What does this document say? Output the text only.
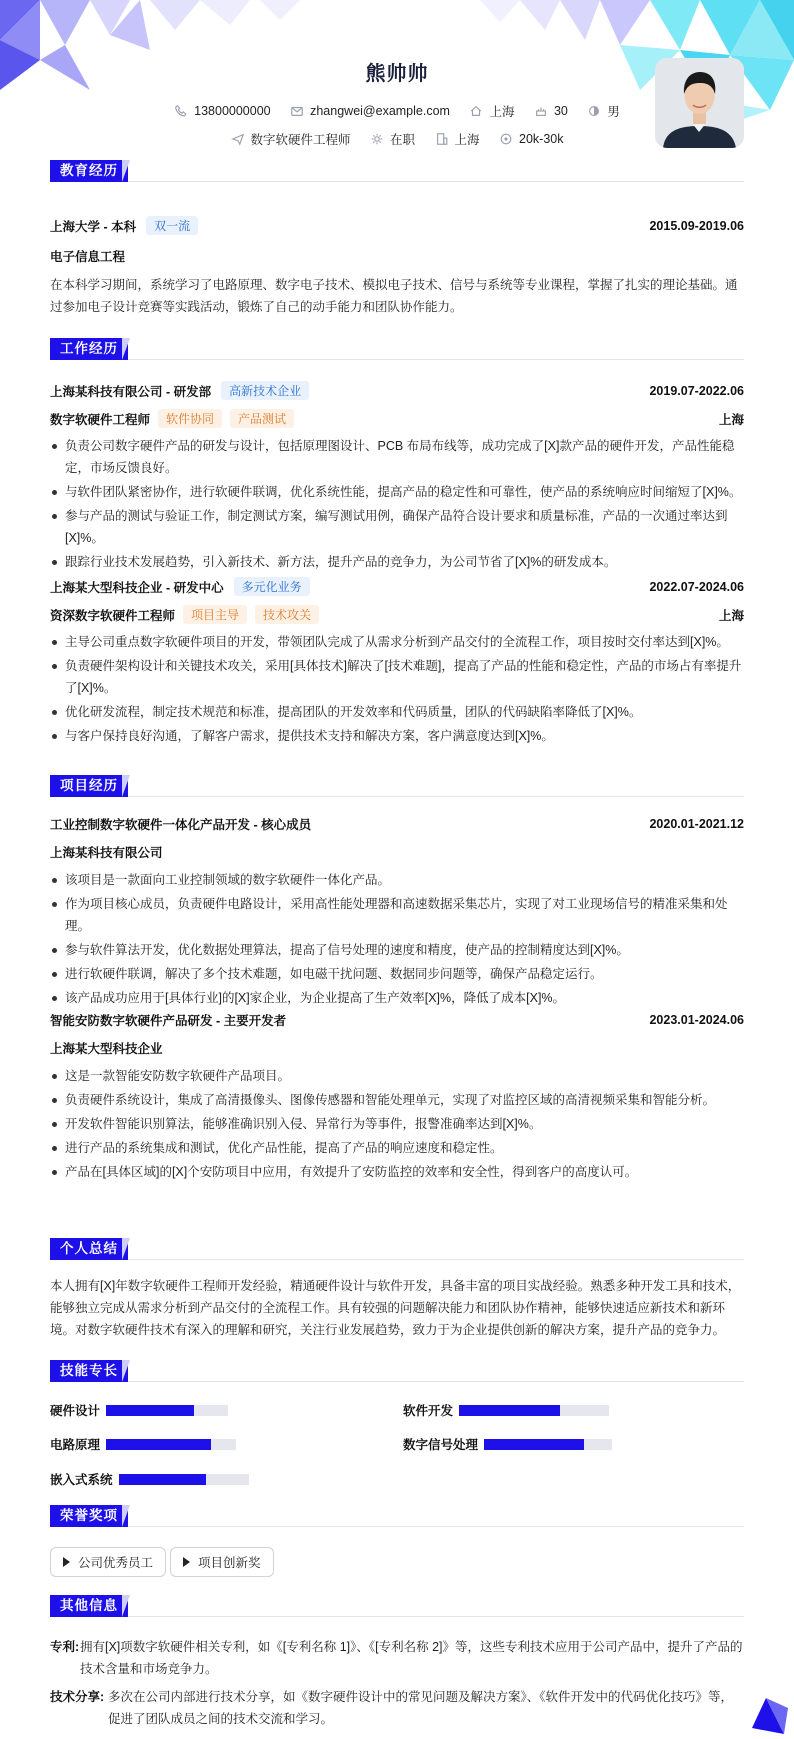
熊帅帅
13800000000
	zhangwei@example.com
	上海
	30
	男
数字软硬件工程师
	在职
	上海
	20k-30k
教育经历
上海大学 - 本科	双一流	2015.09-2019.06
电子信息工程
在本科学习期间，系统学习了电路原理、数字电子技术、模拟电子技术、信号与系统等专业课程，掌握了扎实的理论基础。通过参加电子设计竞赛等实践活动，锻炼了自己的动手能力和团队协作能力。
工作经历
上海某科技有限公司 - 研发部	高新技术企业	2019.07-2022.06
数字软硬件工程师	软件协同	产品测试	上海
负责公司数字硬件产品的研发与设计，包括原理图设计、PCB 布局布线等，成功完成了[X]款产品的硬件开发，产品性能稳定，市场反馈良好。
与软件团队紧密协作，进行软硬件联调，优化系统性能，提高产品的稳定性和可靠性，使产品的系统响应时间缩短了[X]%。
参与产品的测试与验证工作，制定测试方案，编写测试用例，确保产品符合设计要求和质量标准，产品的一次通过率达到[X]%。
跟踪行业技术发展趋势，引入新技术、新方法，提升产品的竞争力，为公司节省了[X]%的研发成本。
上海某大型科技企业 - 研发中心	多元化业务	2022.07-2024.06
资深数字软硬件工程师	项目主导	技术攻关	上海
主导公司重点数字软硬件项目的开发，带领团队完成了从需求分析到产品交付的全流程工作，项目按时交付率达到[X]%。
负责硬件架构设计和关键技术攻关，采用[具体技术]解决了[技术难题]，提高了产品的性能和稳定性，产品的市场占有率提升了[X]%。
优化研发流程，制定技术规范和标准，提高团队的开发效率和代码质量，团队的代码缺陷率降低了[X]%。
与客户保持良好沟通，了解客户需求，提供技术支持和解决方案，客户满意度达到[X]%。
项目经历
工业控制数字软硬件一体化产品开发 - 核心成员	2020.01-2021.12
上海某科技有限公司
该项目是一款面向工业控制领域的数字软硬件一体化产品。
作为项目核心成员，负责硬件电路设计，采用高性能处理器和高速数据采集芯片，实现了对工业现场信号的精准采集和处理。
参与软件算法开发，优化数据处理算法，提高了信号处理的速度和精度，使产品的控制精度达到[X]%。
进行软硬件联调，解决了多个技术难题，如电磁干扰问题、数据同步问题等，确保产品稳定运行。
该产品成功应用于[具体行业]的[X]家企业，为企业提高了生产效率[X]%，降低了成本[X]%。
智能安防数字软硬件产品研发 - 主要开发者	2023.01-2024.06
上海某大型科技企业
这是一款智能安防数字软硬件产品项目。
负责硬件系统设计，集成了高清摄像头、图像传感器和智能处理单元，实现了对监控区域的高清视频采集和智能分析。
开发软件智能识别算法，能够准确识别入侵、异常行为等事件，报警准确率达到[X]%。
进行产品的系统集成和测试，优化产品性能，提高了产品的响应速度和稳定性。
产品在[具体区域]的[X]个安防项目中应用，有效提升了安防监控的效率和安全性，得到客户的高度认可。
个人总结
本人拥有[X]年数字软硬件工程师开发经验，精通硬件设计与软件开发，具备丰富的项目实战经验。熟悉多种开发工具和技术，能够独立完成从需求分析到产品交付的全流程工作。具有较强的问题解决能力和团队协作精神，能够快速适应新技术和新环境。对数字软硬件技术有深入的理解和研究，关注行业发展趋势，致力于为企业提供创新的解决方案，提升产品的竞争力。
技能专长
硬件设计	软件开发
电路原理	数字信号处理
嵌入式系统
荣誉奖项
公司优秀员工	项目创新奖
其他信息
专利: 拥有[X]项数字软硬件相关专利，如《[专利名称 1]》、《[专利名称 2]》等，这些专利技术应用于公司产品中，提升了产品的技术含量和市场竞争力。
技术分享: 多次在公司内部进行技术分享，如《数字硬件设计中的常见问题及解决方案》、《软件开发中的代码优化技巧》等，促进了团队成员之间的技术交流和学习。
